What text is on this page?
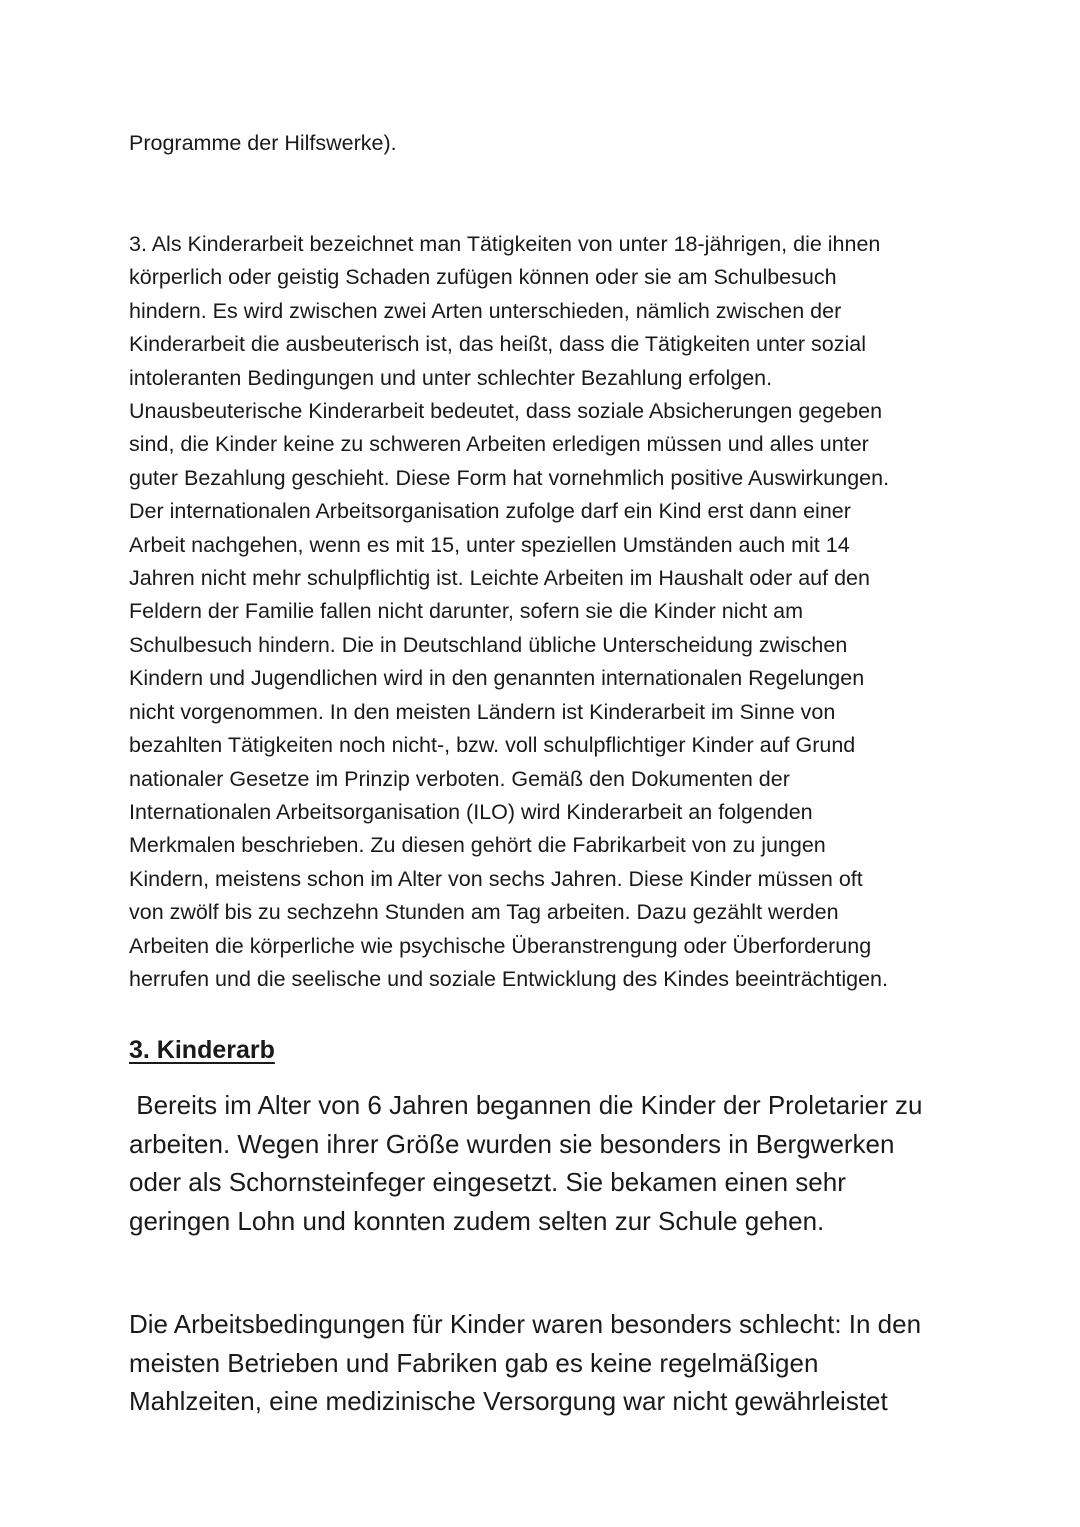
Programme der Hilfswerke).

3. Als Kinderarbeit bezeichnet man Tätigkeiten von unter 18-jährigen, die ihnen
körperlich oder geistig Schaden zufügen können oder sie am Schulbesuch
hindern. Es wird zwischen zwei Arten unterschieden, nämlich zwischen der
Kinderarbeit die ausbeuterisch ist, das heißt, dass die Tätigkeiten unter sozial
intoleranten Bedingungen und unter schlechter Bezahlung erfolgen.
Unausbeuterische Kinderarbeit bedeutet, dass soziale Absicherungen gegeben
sind, die Kinder keine zu schweren Arbeiten erledigen müssen und alles unter
guter Bezahlung geschieht. Diese Form hat vornehmlich positive Auswirkungen.
Der internationalen Arbeitsorganisation zufolge darf ein Kind erst dann einer
Arbeit nachgehen, wenn es mit 15, unter speziellen Umständen auch mit 14
Jahren nicht mehr schulpflichtig ist. Leichte Arbeiten im Haushalt oder auf den
Feldern der Familie fallen nicht darunter, sofern sie die Kinder nicht am
Schulbesuch hindern. Die in Deutschland übliche Unterscheidung zwischen
Kindern und Jugendlichen wird in den genannten internationalen Regelungen
nicht vorgenommen. In den meisten Ländern ist Kinderarbeit im Sinne von
bezahlten Tätigkeiten noch nicht-, bzw. voll schulpflichtiger Kinder auf Grund
nationaler Gesetze im Prinzip verboten. Gemäß den Dokumenten der
Internationalen Arbeitsorganisation (ILO) wird Kinderarbeit an folgenden
Merkmalen beschrieben. Zu diesen gehört die Fabrikarbeit von zu jungen
Kindern, meistens schon im Alter von sechs Jahren. Diese Kinder müssen oft
von zwölf bis zu sechzehn Stunden am Tag arbeiten. Dazu gezählt werden
Arbeiten die körperliche wie psychische Überanstrengung oder Überforderung
herrufen und die seelische und soziale Entwicklung des Kindes beeinträchtigen.

3. Kinderarb

Bereits im Alter von 6 Jahren begannen die Kinder der Proletarier zu
arbeiten. Wegen ihrer Größe wurden sie besonders in Bergwerken
oder als Schornsteinfeger eingesetzt. Sie bekamen einen sehr
geringen Lohn und konnten zudem selten zur Schule gehen.

Die Arbeitsbedingungen für Kinder waren besonders schlecht: In den
meisten Betrieben und Fabriken gab es keine regelmäßigen
Mahlzeiten, eine medizinische Versorgung war nicht gewährleistet
